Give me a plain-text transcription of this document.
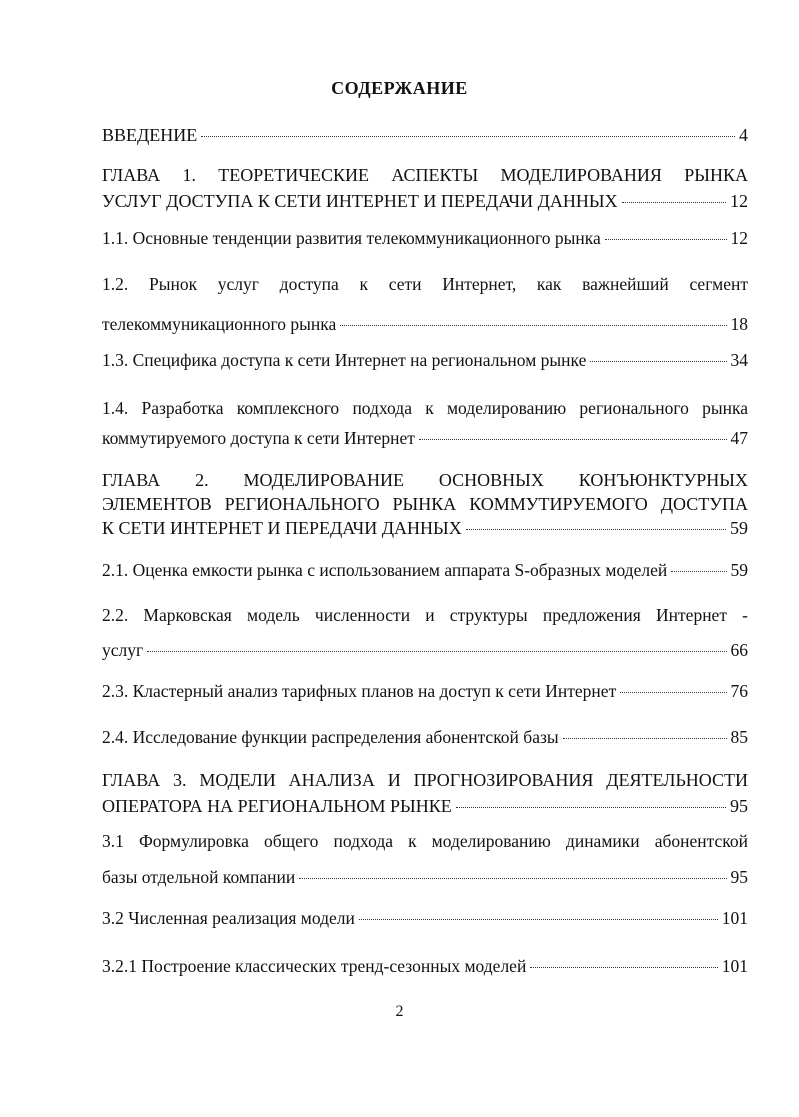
СОДЕРЖАНИЕ
ВВЕДЕНИЕ	4
ГЛАВА 1. ТЕОРЕТИЧЕСКИЕ АСПЕКТЫ МОДЕЛИРОВАНИЯ РЫНКА
УСЛУГ ДОСТУПА К СЕТИ ИНТЕРНЕТ И ПЕРЕДАЧИ ДАННЫХ	12
1.1. Основные тенденции развития телекоммуникационного рынка	12
1.2. Рынок услуг доступа к сети Интернет, как важнейший сегмент
телекоммуникационного рынка	18
1.3. Специфика доступа к сети Интернет на региональном рынке	34
1.4. Разработка комплексного подхода к моделированию регионального рынка
коммутируемого доступа к сети Интернет	47
ГЛАВА 2. МОДЕЛИРОВАНИЕ ОСНОВНЫХ КОНЪЮНКТУРНЫХ
ЭЛЕМЕНТОВ РЕГИОНАЛЬНОГО РЫНКА КОММУТИРУЕМОГО ДОСТУПА
К СЕТИ ИНТЕРНЕТ И ПЕРЕДАЧИ ДАННЫХ	59
2.1. Оценка емкости рынка с использованием аппарата S-образных моделей	59
2.2. Марковская модель численности и структуры предложения Интернет -
услуг	66
2.3. Кластерный анализ тарифных планов на доступ к сети Интернет	76
2.4. Исследование функции распределения абонентской базы	85
ГЛАВА 3. МОДЕЛИ АНАЛИЗА И ПРОГНОЗИРОВАНИЯ ДЕЯТЕЛЬНОСТИ
ОПЕРАТОРА НА РЕГИОНАЛЬНОМ РЫНКЕ	95
3.1 Формулировка общего подхода к моделированию динамики абонентской
базы отдельной компании	95
3.2 Численная реализация модели	101
3.2.1 Построение классических тренд-сезонных моделей	101
2
